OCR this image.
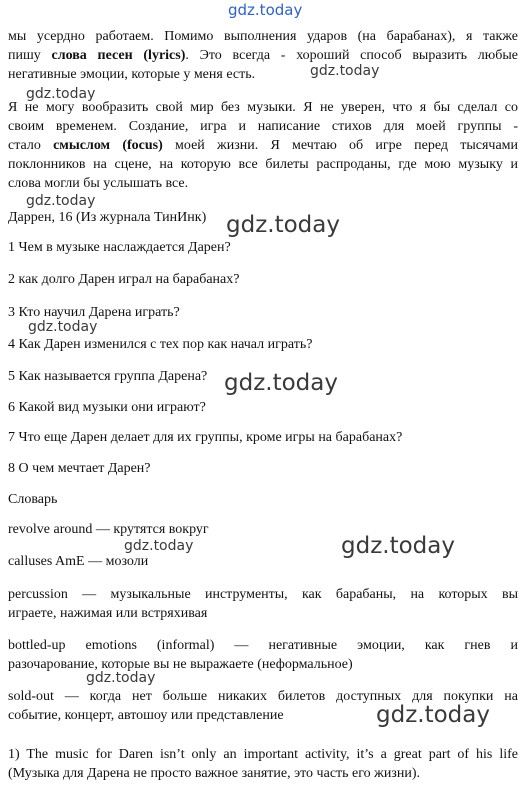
мы усердно работаем. Помимо выполнения ударов (на барабанах), я также
пишу слова песен (lyrics). Это всегда - хороший способ выразить любые
негативные эмоции, которые у меня есть.
Я не могу вообразить свой мир без музыки. Я не уверен, что я бы сделал со
своим временем. Создание, игра и написание стихов для моей группы -
стало смыслом (focus) моей жизни. Я мечтаю об игре перед тысячами
поклонников на сцене, на которую все билеты распроданы, где мою музыку и
слова могли бы услышать все.
Даррен, 16 (Из журнала ТинИнк)
1 Чем в музыке наслаждается Дарен?
2 как долго Дарен играл на барабанах?
3 Кто научил Дарена играть?
4 Как Дарен изменился с тех пор как начал играть?
5 Как называется группа Дарена?
6 Какой вид музыки они играют?
7 Что еще Дарен делает для их группы, кроме игры на барабанах?
8 О чем мечтает Дарен?
Словарь
revolve around — крутятся вокруг
calluses AmE — мозоли
percussion — музыкальные инструменты, как барабаны, на которых вы
играете, нажимая или встряхивая
bottled-up emotions (informal) — негативные эмоции, как гнев и
разочарование, которые вы не выражаете (неформальное)
sold-out — когда нет больше никаких билетов доступных для покупки на
событие, концерт, автошоу или представление
1) The music for Daren isn’t only an important activity, it’s a great part of his life
(Музыка для Дарена не просто важное занятие, это часть его жизни).
gdz.today
gdz.today
gdz.today
gdz.today
gdz.today
gdz.today
gdz.today
gdz.today	gdz.today
gdz.today
gdz.today
